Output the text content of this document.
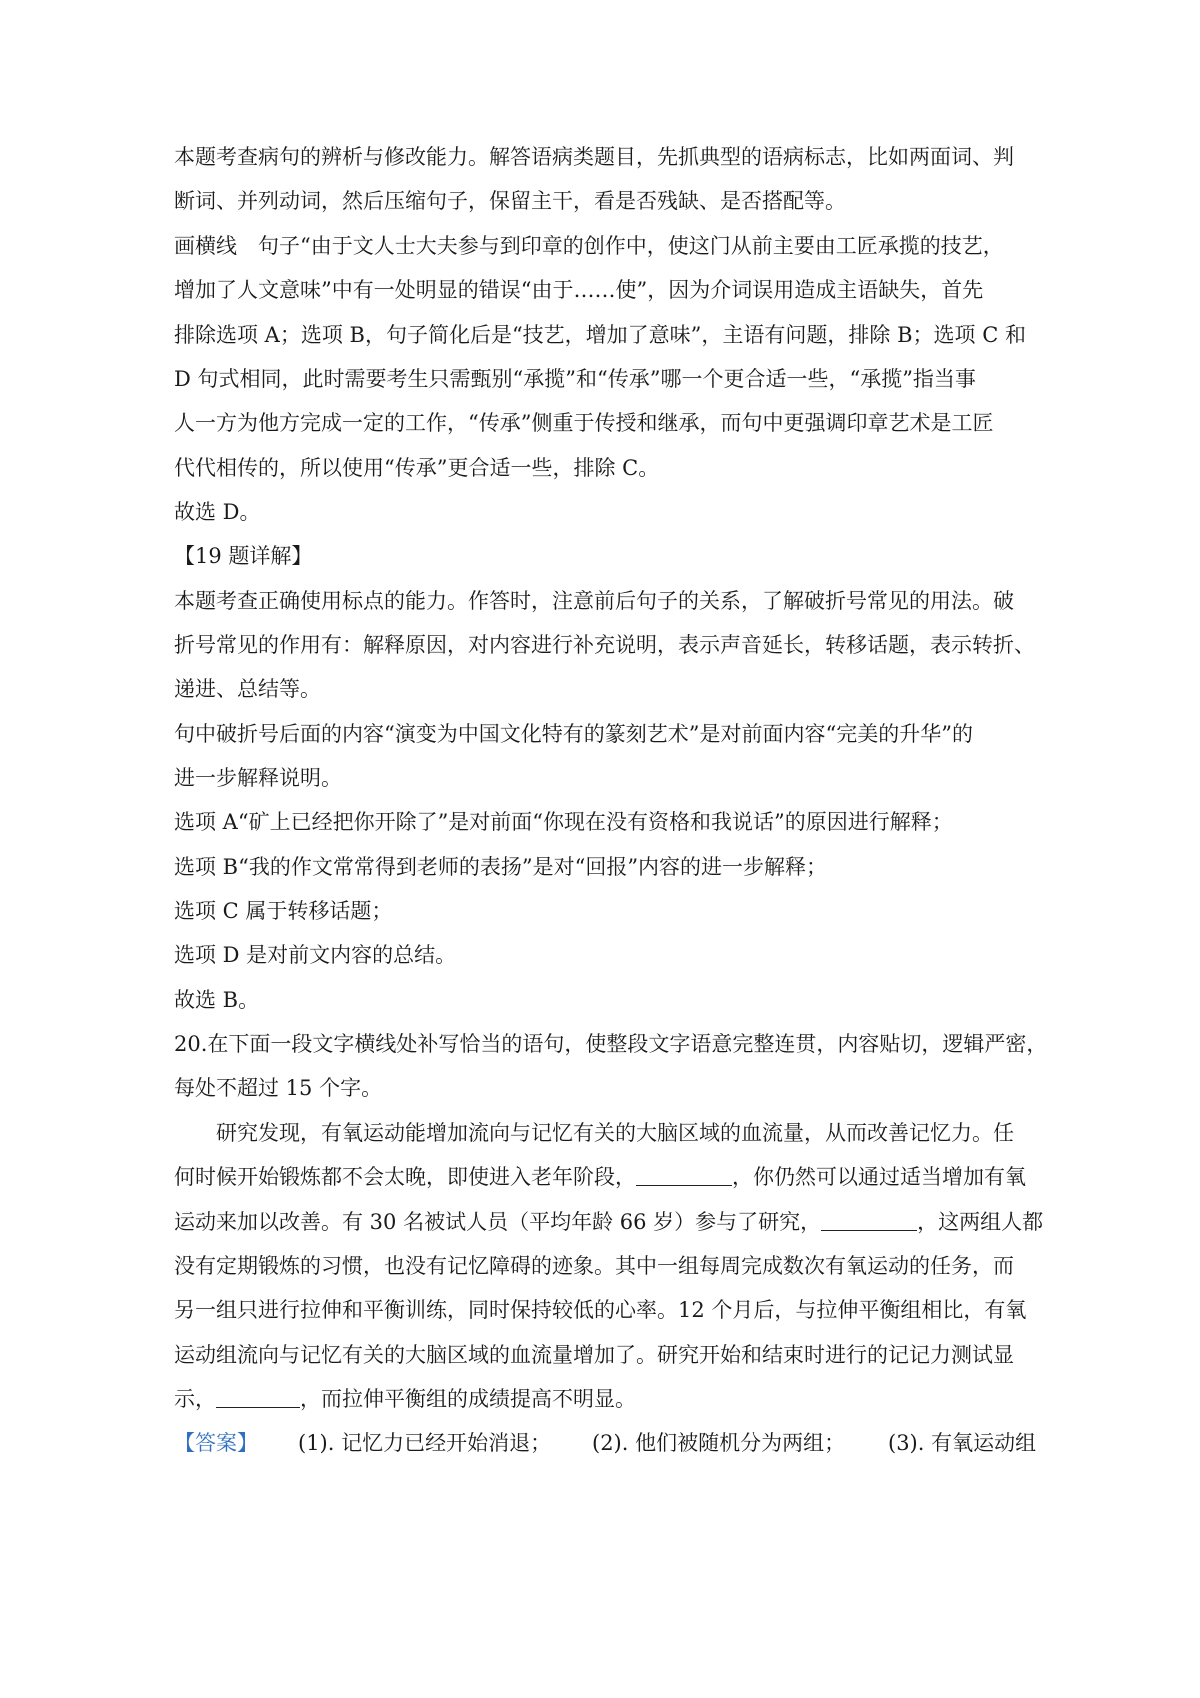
本题考查病句的辨析与修改能力。解答语病类题目，先抓典型的语病标志，比如两面词、判
断词、并列动词，然后压缩句子，保留主干，看是否残缺、是否搭配等。
画横线　句子“由于文人士大夫参与到印章的创作中，使这门从前主要由工匠承揽的技艺，
增加了人文意味”中有一处明显的错误“由于……使”，因为介词误用造成主语缺失，首先
排除选项 A；选项 B，句子简化后是“技艺，增加了意味”，主语有问题，排除 B；选项 C 和
D 句式相同，此时需要考生只需甄别“承揽”和“传承”哪一个更合适一些，“承揽”指当事
人一方为他方完成一定的工作，“传承”侧重于传授和继承，而句中更强调印章艺术是工匠
代代相传的，所以使用“传承”更合适一些，排除 C。
故选 D。
【19 题详解】
本题考查正确使用标点的能力。作答时，注意前后句子的关系，了解破折号常见的用法。破
折号常见的作用有：解释原因，对内容进行补充说明，表示声音延长，转移话题，表示转折、
递进、总结等。
句中破折号后面的内容“演变为中国文化特有的篆刻艺术”是对前面内容“完美的升华”的
进一步解释说明。
选项 A“矿上已经把你开除了”是对前面“你现在没有资格和我说话”的原因进行解释；
选项 B“我的作文常常得到老师的表扬”是对“回报”内容的进一步解释；
选项 C 属于转移话题；
选项 D 是对前文内容的总结。
故选 B。
20.在下面一段文字横线处补写恰当的语句，使整段文字语意完整连贯，内容贴切，逻辑严密，
每处不超过 15 个字。
研究发现，有氧运动能增加流向与记忆有关的大脑区域的血流量，从而改善记忆力。任
何时候开始锻炼都不会太晚，即使进入老年阶段，	，你仍然可以通过适当增加有氧
运动来加以改善。有 30 名被试人员（平均年龄 66 岁）参与了研究，	，这两组人都
没有定期锻炼的习惯，也没有记忆障碍的迹象。其中一组每周完成数次有氧运动的任务，而
另一组只进行拉伸和平衡训练，同时保持较低的心率。12 个月后，与拉伸平衡组相比，有氧
运动组流向与记忆有关的大脑区域的血流量增加了。研究开始和结束时进行的记记力测试显
示，	，而拉伸平衡组的成绩提高不明显。
【答案】 (1). 记忆力已经开始消退； (2). 他们被随机分为两组； (3). 有氧运动组
